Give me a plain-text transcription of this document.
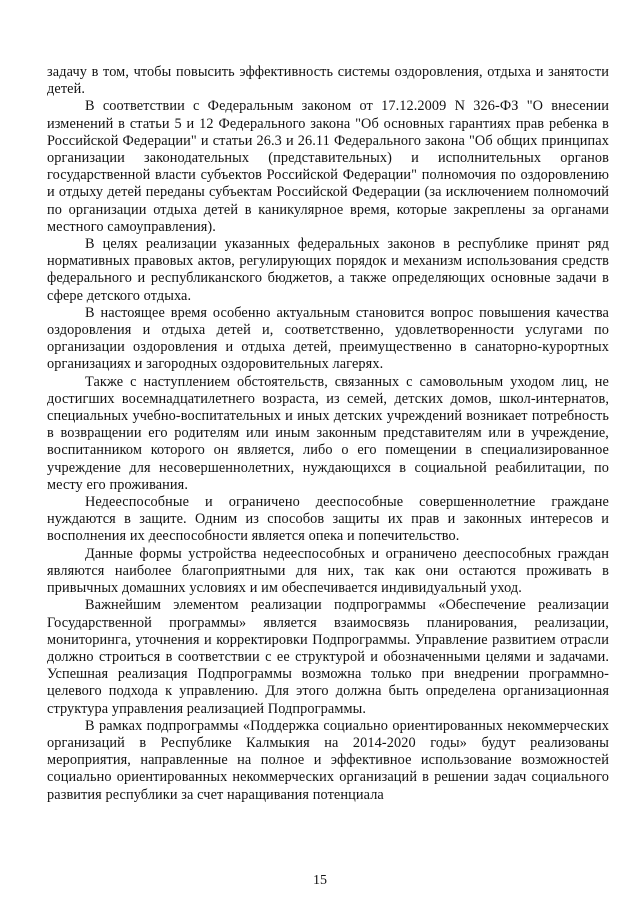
задачу в том, чтобы повысить эффективность системы оздоровления, отдыха и занятости детей.

В соответствии с Федеральным законом от 17.12.2009 N 326-ФЗ "О внесении изменений в статьи 5 и 12 Федерального закона "Об основных гарантиях прав ребенка в Российской Федерации" и статьи 26.3 и 26.11 Федерального закона "Об общих принципах организации законодательных (представительных) и исполнительных органов государственной власти субъектов Российской Федерации" полномочия по оздоровлению и отдыху детей переданы субъектам Российской Федерации (за исключением полномочий по организации отдыха детей в каникулярное время, которые закреплены за органами местного самоуправления).

В целях реализации указанных федеральных законов в республике принят ряд нормативных правовых актов, регулирующих порядок и механизм использования средств федерального и республиканского бюджетов, а также определяющих основные задачи в сфере детского отдыха.

В настоящее время особенно актуальным становится вопрос повышения качества оздоровления и отдыха детей и, соответственно, удовлетворенности услугами по организации оздоровления и отдыха детей, преимущественно в санаторно-курортных организациях и загородных оздоровительных лагерях.

Также с наступлением обстоятельств, связанных с самовольным уходом лиц, не достигших восемнадцатилетнего возраста, из семей, детских домов, школ-интернатов, специальных учебно-воспитательных и иных детских учреждений возникает потребность в возвращении его родителям или иным законным представителям или в учреждение, воспитанником которого он является, либо о его помещении в специализированное учреждение для несовершеннолетних, нуждающихся в социальной реабилитации, по месту его проживания.

Недееспособные и ограничено дееспособные совершеннолетние граждане нуждаются в защите. Одним из способов защиты их прав и законных интересов и восполнения их дееспособности является опека и попечительство.

Данные формы устройства недееспособных и ограничено дееспособных граждан являются наиболее благоприятными для них, так как они остаются проживать в привычных домашних условиях и им обеспечивается индивидуальный уход.

Важнейшим элементом реализации подпрограммы «Обеспечение реализации Государственной программы» является взаимосвязь планирования, реализации, мониторинга, уточнения и корректировки Подпрограммы. Управление развитием отрасли должно строиться в соответствии с ее структурой и обозначенными целями и задачами. Успешная реализация Подпрограммы возможна только при внедрении программно-целевого подхода к управлению. Для этого должна быть определена организационная структура управления реализацией Подпрограммы.

В рамках подпрограммы «Поддержка социально ориентированных некоммерческих организаций в Республике Калмыкия на 2014-2020 годы» будут реализованы мероприятия, направленные на полное и эффективное использование возможностей социально ориентированных некоммерческих организаций в решении задач социального развития республики за счет наращивания потенциала

15
